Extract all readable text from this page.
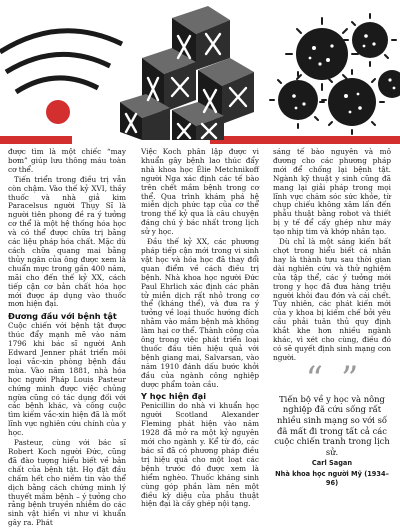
được tìm là một chiếc “may bơm” giúp lưu thông máu toàn cơ thể.

Tiến triển trong điều trị vẫn còn chậm. Vào thế kỷ XVI, thầy thuốc và nhà giả kim Paracelsus người Thụy Sĩ là người tiên phong đề ra ý tưởng cơ thể là một hệ thống hóa học và có thể được chữa trị bằng các liệu pháp hóa chất. Mặc dù cách chữa quang mai bằng thủy ngân của ông được xem là chuẩn mực trong gần 400 năm, mãi cho đến thế kỷ XX, cách tiếp cận cơ bản chất hóa học mới được áp dụng vào thuốc mơn hiện đại.

Đương đầu với bệnh tật

Cuộc chiến với bệnh tật được thúc đẩy mạnh mẽ vào năm 1796 khi bác sĩ người Anh Edward Jenner phát triển môi loại vắc-xin phòng bệnh đầu mùa. Vào năm 1881, nhà hóa học người Pháp Louis Pasteur chứng minh được việc chủng ngừa cũng có tác dụng đối với các bệnh khác, và công cuộc tìm kiếm vắc-xin hiện đã là mốt lĩnh vực nghiên cứu chính của y học.

Pasteur, cùng với bác sĩ Robert Koch người Đức, cũng đã đào tượng hiểu biết về bản chất của bệnh tật. Họ đặt đầu chấm hết cho niềm tin vào thể dịch bằng cách chứng minh lý thuyết mầm bệnh – ý tưởng cho rằng bệnh truyền nhiễm do các sinh vật hiển vi như vi khuẩn gây ra. Phát

Việc Koch phân lập được vi khuẩn gây bệnh lao thúc đẩy nhà khoa học Élie Metchnikoff người Nga xác định các tế bào trên chết mầm bệnh trong cơ thể. Qua trình khám phá hệ miễn dịch phức tạp của cơ thể trong thế kỷ qua là câu chuyện đáng chú ý bác nhất trong lịch sử y học.

Đầu thế kỷ XX, các phương pháp tiếp cận mới trong vi sinh vật học và hóa học đã thay đổi quan điểm về cách điều trị bệnh. Nhà khoa học người Đức Paul Ehrlich xác định các phân tử miễn dịch rất nhỏ trong cơ thể (kháng thể), và đưa ra ý tưởng về loại thuốc hướng đích nhằm vào mầm bệnh mà không làm hại cơ thể. Thành công của ông trong việc phát triển loại thuốc đầu tiên hiệu quả với bệnh giang mai, Salvarsan, vào năm 1910 đánh dấu bước khởi đầu của ngành công nghiệp dược phẩm toàn cầu.

Y học hiện đại

Penicillin do nhà vi khuẩn học người Scotland Alexander Fleming phát hiện vào năm 1928 đã mở ra một kỷ nguyên mới cho ngành y. Kể từ đó, các bác sĩ đã có phương pháp điều trị hiệu quả cho một loạt các bệnh trước đó được xem là hiểm nghèo. Thuốc kháng sinh cùng góp phần làm nên một điều kỳ diệu của phẫu thuật hiện đại là cấy ghép nội tạng.

sáng tế bào nguyên và mô đương cho các phương pháp mới để chống lại bệnh tật. Ngành kỹ thuật y sinh cũng đã mang lại giải pháp trong mọi lĩnh vực chăm sóc sức khỏe, từ chụp chiếu không xâm lấn đến phẫu thuật bằng robot và thiết bị y tế để cấy ghép như máy tạo nhịp tim và khớp nhân tạo.

Dù chỉ là một sáng kiến bất chợt trong hiểu biết cá nhân hay là thành tựu sau thời gian dài nghiên cứu và thử nghiệm của tập thể, các ý tưởng mới trong y học đã đưa hàng triệu người khỏi đau đớn và cái chết. Tuy nhiên, các phát kiến mới của y khoa bị kiếm chế bởi yêu cầu phải tuân thủ quy định khắt khe hơn nhiều ngành khác, vì xét cho cùng, điều đó có sẽ quyết định sinh mạng con người.

“ ”
Tiến bộ về y học và nông nghiệp đã cứu sống rất nhiều sinh mạng so với số đã mất đi trong tất cả các cuộc chiến tranh trong lịch sử.
Carl Sagan
Nhà khoa học người Mỹ (1934–96)
